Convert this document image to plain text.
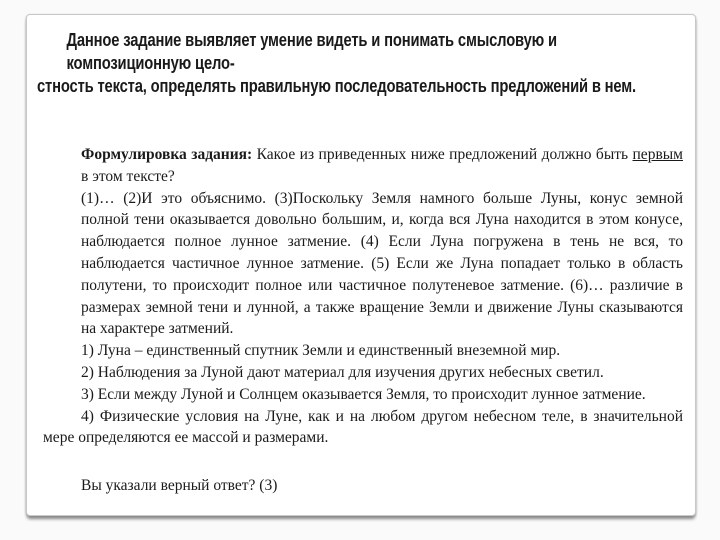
Данное задание выявляет умение видеть и понимать смысловую и композиционную цело-
стность текста, определять правильную последовательность предложений в нем.

Формулировка задания: Какое из приведенных ниже предложений должно быть первым в этом тексте?

(1)… (2)И это объяснимо. (3)Поскольку Земля намного больше Луны, конус земной полной тени оказывается довольно большим, и, когда вся Луна находится в этом конусе, наблюдается полное лунное затмение. (4) Если Луна погружена в тень не вся, то наблюдается частичное лунное затмение. (5) Если же Луна попадает только в область полутени, то происходит полное или частичное полутеневое затмение. (6)… различие в размерах земной тени и лунной, а также вращение Земли и движение Луны сказываются на характере затмений.

1) Луна – единственный спутник Земли и единственный внеземной мир.

2) Наблюдения за Луной дают материал для изучения других небесных светил.

3) Если между Луной и Солнцем оказывается Земля, то происходит лунное затмение.

4) Физические условия на Луне, как и на любом другом небесном теле, в значительной мере определяются ее массой и размерами.

Вы указали верный ответ? (3)
